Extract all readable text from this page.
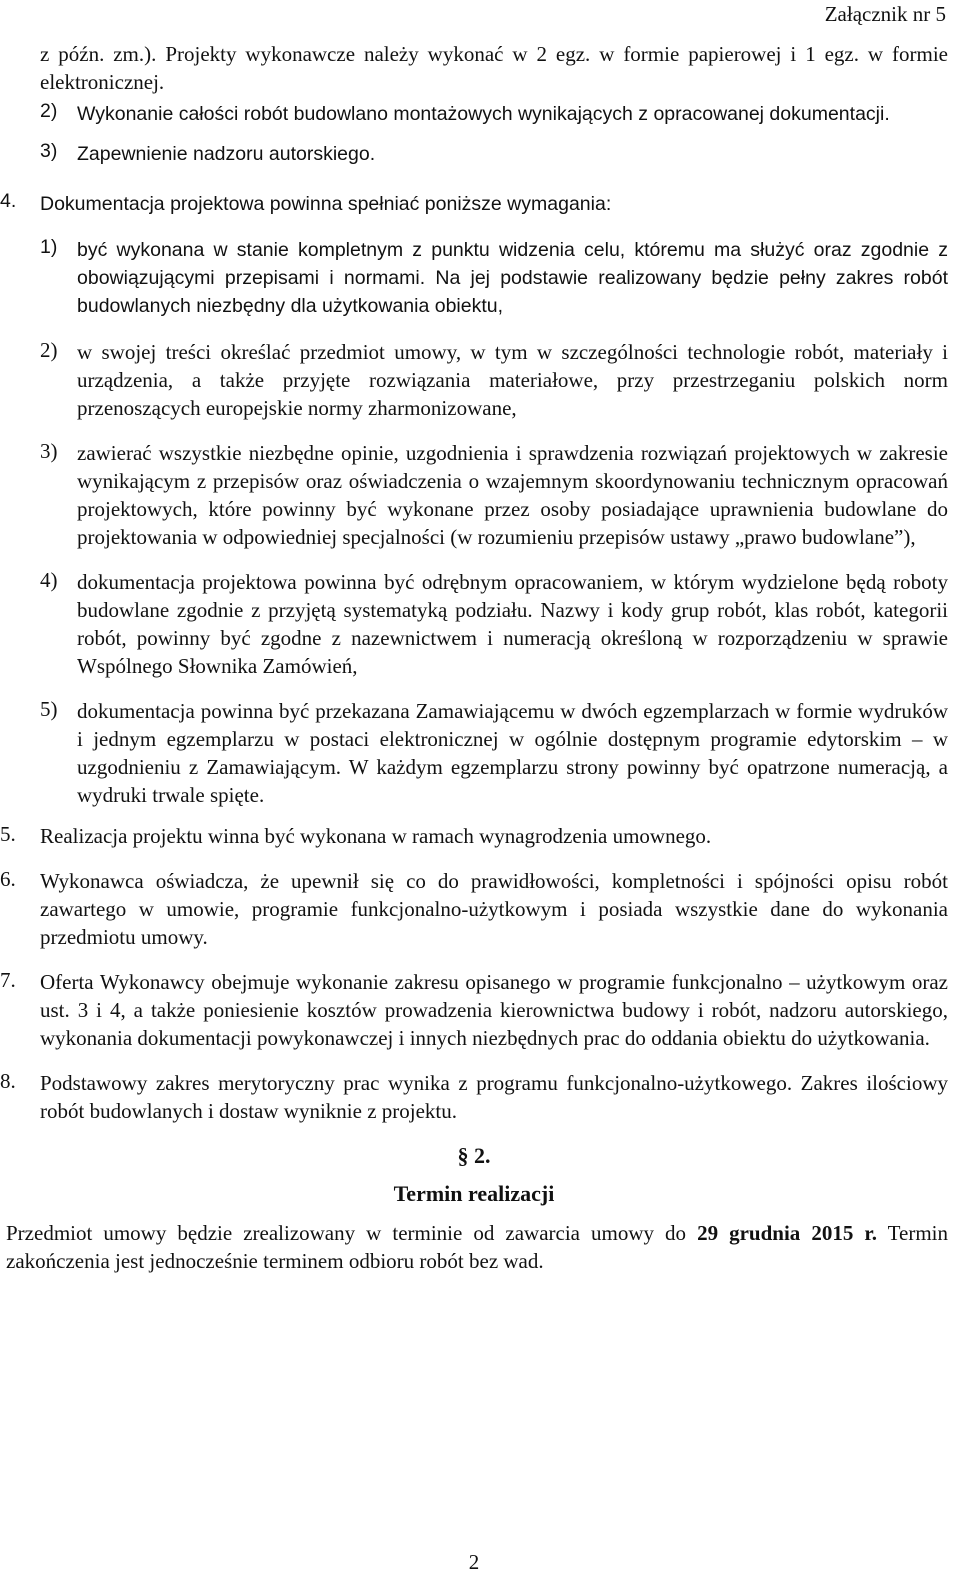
Załącznik nr 5

z późn. zm.). Projekty wykonawcze należy wykonać w 2 egz. w formie papierowej i 1 egz. w formie elektronicznej.

2)	Wykonanie całości robót budowlano montażowych wynikających z opracowanej dokumentacji.
3)	Zapewnienie nadzoru autorskiego.
4.	Dokumentacja projektowa powinna spełniać poniższe wymagania:
1)	być wykonana w stanie kompletnym z punktu widzenia celu, któremu ma służyć oraz zgodnie z obowiązującymi przepisami i normami. Na jej podstawie realizowany będzie pełny zakres robót budowlanych niezbędny dla użytkowania obiektu,
2) w swojej treści określać przedmiot umowy, w tym w szczególności technologie robót, materiały i urządzenia, a także przyjęte rozwiązania materiałowe, przy przestrzeganiu polskich norm przenoszących europejskie normy zharmonizowane,
3) zawierać wszystkie niezbędne opinie, uzgodnienia i sprawdzenia rozwiązań projektowych w zakresie wynikającym z przepisów oraz oświadczenia o wzajemnym skoordynowaniu technicznym opracowań projektowych, które powinny być wykonane przez osoby posiadające uprawnienia budowlane do projektowania w odpowiedniej specjalności (w rozumieniu przepisów ustawy „prawo budowlane”),
4) dokumentacja projektowa powinna być odrębnym opracowaniem, w którym wydzielone będą roboty budowlane zgodnie z przyjętą systematyką podziału. Nazwy i kody grup robót, klas robót, kategorii robót, powinny być zgodne z nazewnictwem i numeracją określoną w rozporządzeniu w sprawie Wspólnego Słownika Zamówień,
5) dokumentacja powinna być przekazana Zamawiającemu w dwóch egzemplarzach w formie wydruków i jednym egzemplarzu w postaci elektronicznej w ogólnie dostępnym programie edytorskim – w uzgodnieniu z Zamawiającym. W każdym egzemplarzu strony powinny być opatrzone numeracją, a wydruki trwale spięte.
5.	Realizacja projektu winna być wykonana w ramach wynagrodzenia umownego.
6.	Wykonawca oświadcza, że upewnił się co do prawidłowości, kompletności i spójności opisu robót zawartego w umowie, programie funkcjonalno-użytkowym i posiada wszystkie dane do wykonania przedmiotu umowy.
7.	Oferta Wykonawcy obejmuje wykonanie zakresu opisanego w programie funkcjonalno – użytkowym oraz ust. 3 i 4, a także poniesienie kosztów prowadzenia kierownictwa budowy i robót, nadzoru autorskiego, wykonania dokumentacji powykonawczej i innych niezbędnych prac do oddania obiektu do użytkowania.
8.	Podstawowy zakres merytoryczny prac wynika z programu funkcjonalno-użytkowego. Zakres ilościowy robót budowlanych i dostaw wyniknie z projektu.
§ 2.
Termin realizacji

Przedmiot umowy będzie zrealizowany w terminie od zawarcia umowy do 29 grudnia 2015 r. Termin zakończenia jest jednocześnie terminem odbioru robót bez wad.

2
